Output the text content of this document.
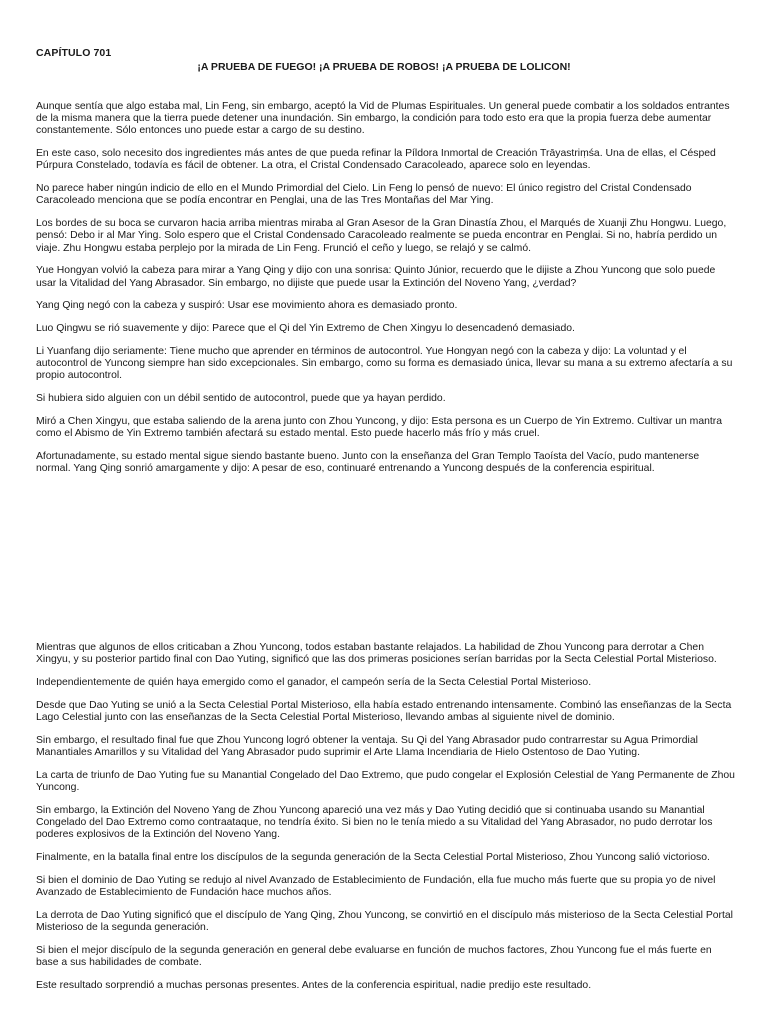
CAPÍTULO 701
¡A PRUEBA DE FUEGO! ¡A PRUEBA DE ROBOS! ¡A PRUEBA DE LOLICON!

Aunque sentía que algo estaba mal, Lin Feng, sin embargo, aceptó la Vid de Plumas Espirituales. Un general puede combatir a los soldados entrantes de la misma manera que la tierra puede detener una inundación. Sin embargo, la condición para todo esto era que la propia fuerza debe aumentar constantemente. Sólo entonces uno puede estar a cargo de su destino.

En este caso, solo necesito dos ingredientes más antes de que pueda refinar la Píldora Inmortal de Creación Trāyastriṃśa. Una de ellas, el Césped Púrpura Constelado, todavía es fácil de obtener. La otra, el Cristal Condensado Caracoleado, aparece solo en leyendas.

No parece haber ningún indicio de ello en el Mundo Primordial del Cielo. Lin Feng lo pensó de nuevo: El único registro del Cristal Condensado Caracoleado menciona que se podía encontrar en Penglai, una de las Tres Montañas del Mar Ying.

Los bordes de su boca se curvaron hacia arriba mientras miraba al Gran Asesor de la Gran Dinastía Zhou, el Marqués de Xuanji Zhu Hongwu. Luego, pensó: Debo ir al Mar Ying. Solo espero que el Cristal Condensado Caracoleado realmente se pueda encontrar en Penglai. Si no, habría perdido un viaje. Zhu Hongwu estaba perplejo por la mirada de Lin Feng. Frunció el ceño y luego, se relajó y se calmó.

Yue Hongyan volvió la cabeza para mirar a Yang Qing y dijo con una sonrisa: Quinto Júnior, recuerdo que le dijiste a Zhou Yuncong que solo puede usar la Vitalidad del Yang Abrasador. Sin embargo, no dijiste que puede usar la Extinción del Noveno Yang, ¿verdad?

Yang Qing negó con la cabeza y suspiró: Usar ese movimiento ahora es demasiado pronto.

Luo Qingwu se rió suavemente y dijo: Parece que el Qi del Yin Extremo de Chen Xingyu lo desencadenó demasiado.

Li Yuanfang dijo seriamente: Tiene mucho que aprender en términos de autocontrol. Yue Hongyan negó con la cabeza y dijo: La voluntad y el autocontrol de Yuncong siempre han sido excepcionales. Sin embargo, como su forma es demasiado única, llevar su mana a su extremo afectaría a su propio autocontrol.

Si hubiera sido alguien con un débil sentido de autocontrol, puede que ya hayan perdido.

Miró a Chen Xingyu, que estaba saliendo de la arena junto con Zhou Yuncong, y dijo: Esta persona es un Cuerpo de Yin Extremo. Cultivar un mantra como el Abismo de Yin Extremo también afectará su estado mental. Esto puede hacerlo más frío y más cruel.

Afortunadamente, su estado mental sigue siendo bastante bueno. Junto con la enseñanza del Gran Templo Taoísta del Vacío, pudo mantenerse normal. Yang Qing sonrió amargamente y dijo: A pesar de eso, continuaré entrenando a Yuncong después de la conferencia espiritual.

Mientras que algunos de ellos criticaban a Zhou Yuncong, todos estaban bastante relajados. La habilidad de Zhou Yuncong para derrotar a Chen Xingyu, y su posterior partido final con Dao Yuting, significó que las dos primeras posiciones serían barridas por la Secta Celestial Portal Misterioso.

Independientemente de quién haya emergido como el ganador, el campeón sería de la Secta Celestial Portal Misterioso.

Desde que Dao Yuting se unió a la Secta Celestial Portal Misterioso, ella había estado entrenando intensamente. Combinó las enseñanzas de la Secta Lago Celestial junto con las enseñanzas de la Secta Celestial Portal Misterioso, llevando ambas al siguiente nivel de dominio.

Sin embargo, el resultado final fue que Zhou Yuncong logró obtener la ventaja. Su Qi del Yang Abrasador pudo contrarrestar su Agua Primordial Manantiales Amarillos y su Vitalidad del Yang Abrasador pudo suprimir el Arte Llama Incendiaria de Hielo Ostentoso de Dao Yuting.

La carta de triunfo de Dao Yuting fue su Manantial Congelado del Dao Extremo, que pudo congelar el Explosión Celestial de Yang Permanente de Zhou Yuncong.

Sin embargo, la Extinción del Noveno Yang de Zhou Yuncong apareció una vez más y Dao Yuting decidió que si continuaba usando su Manantial Congelado del Dao Extremo como contraataque, no tendría éxito. Si bien no le tenía miedo a su Vitalidad del Yang Abrasador, no pudo derrotar los poderes explosivos de la Extinción del Noveno Yang.

Finalmente, en la batalla final entre los discípulos de la segunda generación de la Secta Celestial Portal Misterioso, Zhou Yuncong salió victorioso.

Si bien el dominio de Dao Yuting se redujo al nivel Avanzado de Establecimiento de Fundación, ella fue mucho más fuerte que su propia yo de nivel Avanzado de Establecimiento de Fundación hace muchos años.

La derrota de Dao Yuting significó que el discípulo de Yang Qing, Zhou Yuncong, se convirtió en el discípulo más misterioso de la Secta Celestial Portal Misterioso de la segunda generación.

Si bien el mejor discípulo de la segunda generación en general debe evaluarse en función de muchos factores, Zhou Yuncong fue el más fuerte en base a sus habilidades de combate.

Este resultado sorprendió a muchas personas presentes. Antes de la conferencia espiritual, nadie predijo este resultado.
